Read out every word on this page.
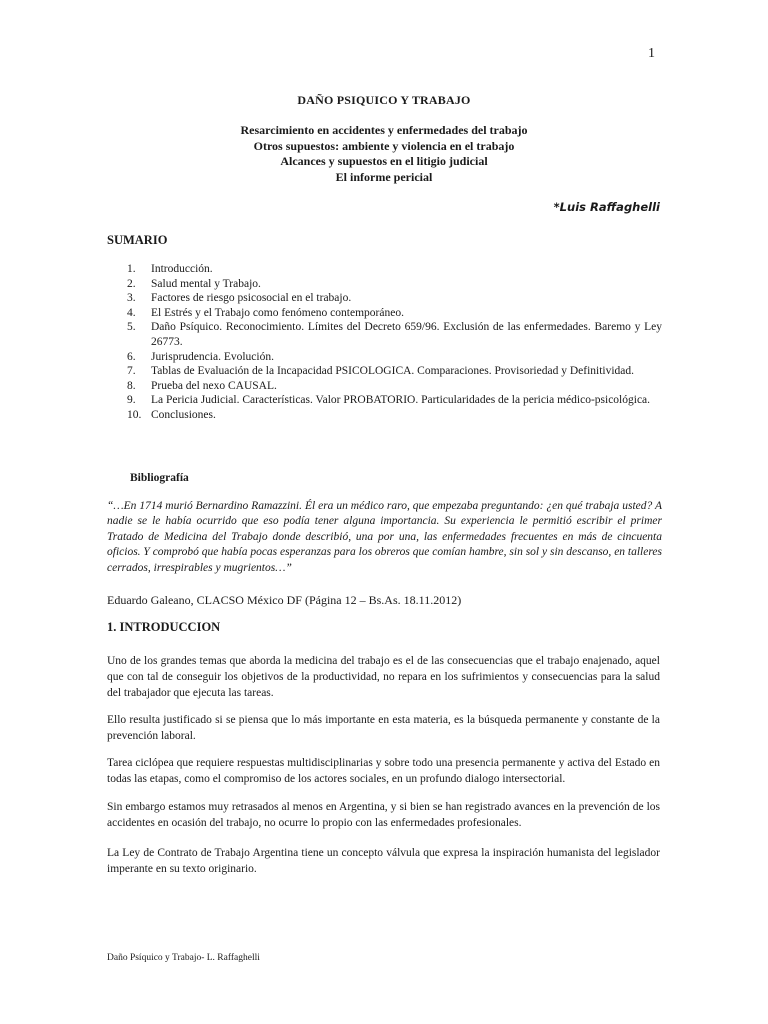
1
DAÑO PSIQUICO Y TRABAJO
Resarcimiento en accidentes y enfermedades del trabajo
Otros supuestos: ambiente y violencia en el trabajo
Alcances y supuestos en el litigio judicial
El informe pericial
*Luis Raffaghelli
SUMARIO
1.	Introducción.
2.	Salud mental y Trabajo.
3.	Factores de riesgo psicosocial en el trabajo.
4.	El Estrés y el Trabajo como fenómeno contemporáneo.
5.	Daño Psíquico. Reconocimiento. Límites del Decreto 659/96. Exclusión de las enfermedades. Baremo y Ley 26773.
6.	Jurisprudencia. Evolución.
7.	Tablas de Evaluación de la Incapacidad PSICOLOGICA. Comparaciones. Provisoriedad y Definitividad.
8.	Prueba del nexo CAUSAL.
9.	La Pericia Judicial. Características. Valor PROBATORIO. Particularidades de la pericia médico-psicológica.
10. Conclusiones.
Bibliografía
“…En 1714 murió Bernardino Ramazzini. Él era un médico raro, que empezaba preguntando: ¿en qué trabaja usted? A nadie se le había ocurrido que eso podía tener alguna importancia. Su experiencia le permitió escribir el primer Tratado de Medicina del Trabajo donde describió, una por una, las enfermedades frecuentes en más de cincuenta oficios. Y comprobó que había pocas esperanzas para los obreros que comían hambre, sin sol y sin descanso, en talleres cerrados, irrespirables y mugrientos…”
Eduardo Galeano, CLACSO México DF (Página 12 – Bs.As. 18.11.2012)
1. INTRODUCCION

Uno de los grandes temas que aborda la medicina del trabajo es el de las consecuencias que el trabajo enajenado, aquel que con tal de conseguir los objetivos de la productividad, no repara en los sufrimientos y consecuencias para la salud del trabajador que ejecuta las tareas.

Ello resulta justificado si se piensa que lo más importante en esta materia, es la búsqueda permanente y constante de la prevención laboral.

Tarea ciclópea que requiere respuestas multidisciplinarias y sobre todo una presencia permanente y activa del Estado en todas las etapas, como el compromiso de los actores sociales, en un profundo dialogo intersectorial.

Sin embargo estamos muy retrasados al menos en Argentina, y si bien se han registrado avances en la prevención de los accidentes en ocasión del trabajo, no ocurre lo propio con las enfermedades profesionales.

La Ley de Contrato de Trabajo Argentina tiene un concepto válvula que expresa la inspiración humanista del legislador imperante en su texto originario.

Daño Psíquico y Trabajo- L. Raffaghelli
